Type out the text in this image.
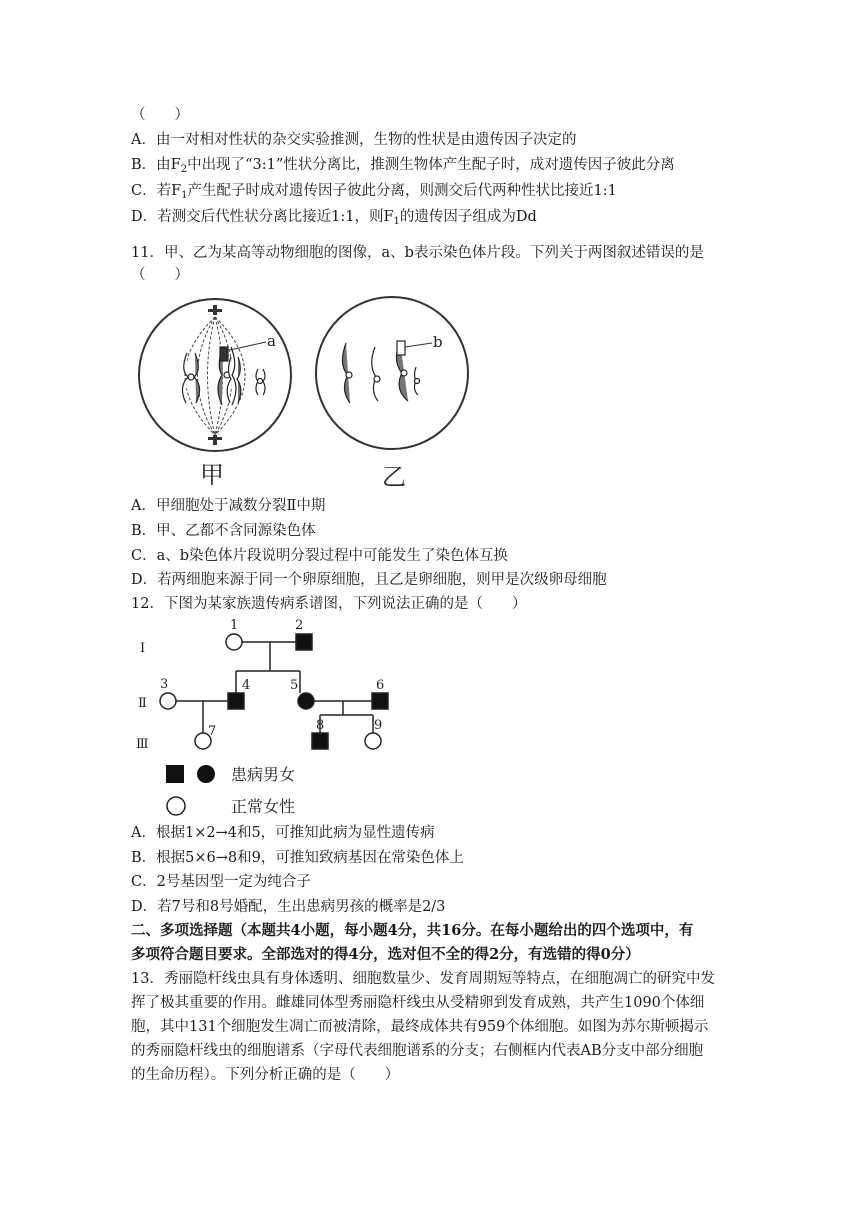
（　　）
A．由一对相对性状的杂交实验推测，生物的性状是由遗传因子决定的
B．由$F_2$中出现了“3:1”性状分离比，推测生物体产生配子时，成对遗传因子彼此分离
C．若$F_1$产生配子时成对遗传因子彼此分离，则测交后代两种性状比接近1:1
D．若测交后代性状分离比接近1:1，则$F_1$的遗传因子组成为Dd
11．甲、乙为某高等动物细胞的图像，a、b表示染色体片段。下列关于两图叙述错误的是
（　　）
a
甲
b
乙
A．甲细胞处于减数分裂Ⅱ中期
B．甲、乙都不含同源染色体
C．a、b染色体片段说明分裂过程中可能发生了染色体互换
D．若两细胞来源于同一个卵原细胞，且乙是卵细胞，则甲是次级卵母细胞
12．下图为某家族遗传病系谱图，下列说法正确的是（　　）
Ⅰ
Ⅱ
Ⅲ
1	2
3	4	5	6
7	8	9
患病男女
正常女性
A．根据1×2→4和5，可推知此病为显性遗传病
B．根据5×6→8和9，可推知致病基因在常染色体上
C．2号基因型一定为纯合子
D．若7号和8号婚配，生出患病男孩的概率是2/3
二、多项选择题（本题共4小题，每小题4分，共16分。在每小题给出的四个选项中，有
多项符合题目要求。全部选对的得4分，选对但不全的得2分，有选错的得0分）
13．秀丽隐杆线虫具有身体透明、细胞数量少、发育周期短等特点，在细胞凋亡的研究中发
挥了极其重要的作用。雌雄同体型秀丽隐杆线虫从受精卵到发育成熟，共产生1090个体细
胞，其中131个细胞发生凋亡而被清除，最终成体共有959个体细胞。如图为苏尔斯顿揭示
的秀丽隐杆线虫的细胞谱系（字母代表细胞谱系的分支；右侧框内代表AB分支中部分细胞
的生命历程）。下列分析正确的是（　　）
